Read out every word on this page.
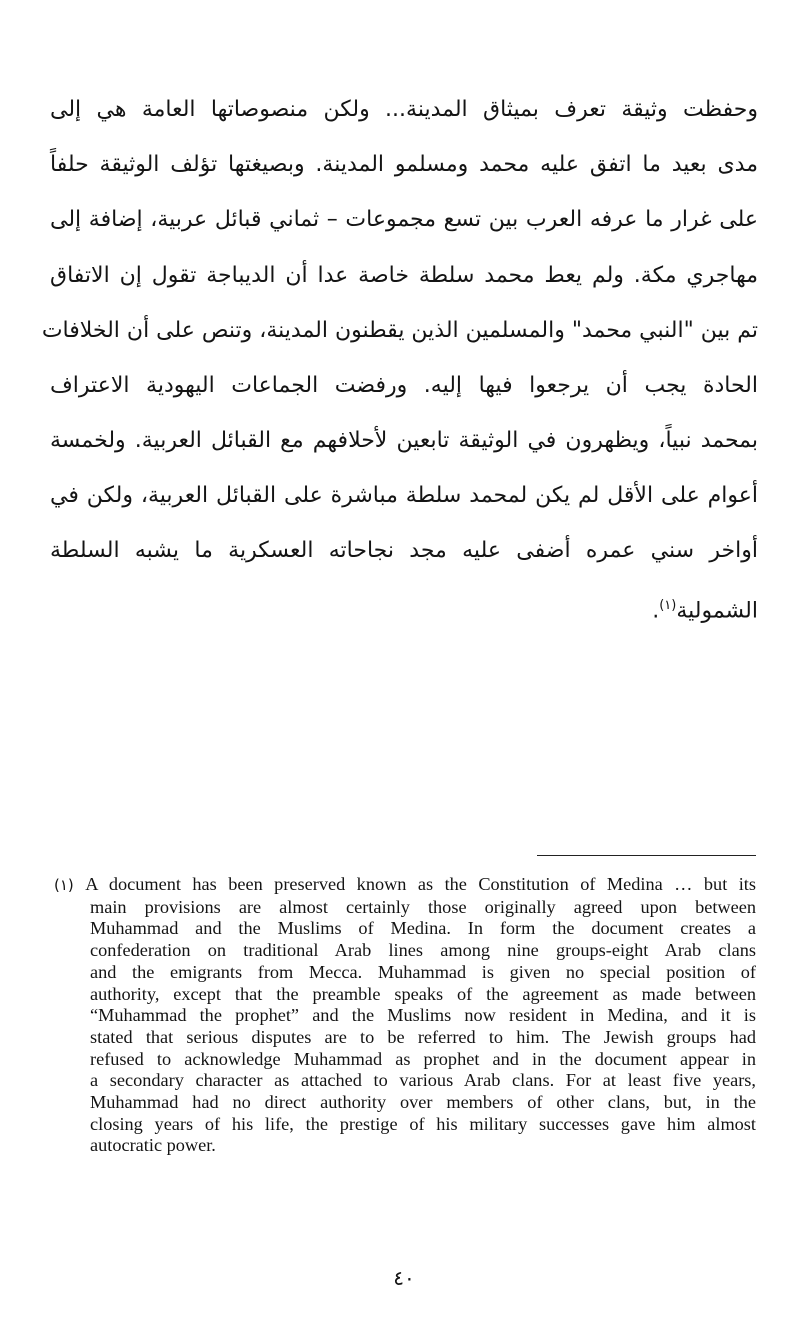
وحفظت وثيقة تعرف بميثاق المدينة... ولكن منصوصاتها العامة هي إلى
مدى بعيد ما اتفق عليه محمد ومسلمو المدينة. وبصيغتها تؤلف الوثيقة حلفاً
على غرار ما عرفه العرب بين تسع مجموعات – ثماني قبائل عربية، إضافة إلى
مهاجري مكة. ولم يعط محمد سلطة خاصة عدا أن الديباجة تقول إن الاتفاق
تم بين "النبي محمد" والمسلمين الذين يقطنون المدينة، وتنص على أن الخلافات
الحادة يجب أن يرجعوا فيها إليه. ورفضت الجماعات اليهودية الاعتراف
بمحمد نبياً، ويظهرون في الوثيقة تابعين لأحلافهم مع القبائل العربية. ولخمسة
أعوام على الأقل لم يكن لمحمد سلطة مباشرة على القبائل العربية، ولكن في
أواخر سني عمره أضفى عليه مجد نجاحاته العسكرية ما يشبه السلطة
الشمولية$^{(١)}$.
(١) A document has been preserved known as the Constitution of Medina … but its
main provisions are almost certainly those originally agreed upon between
Muhammad and the Muslims of Medina. In form the document creates a
confederation on traditional Arab lines among nine groups-eight Arab clans
and the emigrants from Mecca. Muhammad is given no special position of
authority, except that the preamble speaks of the agreement as made between
“Muhammad the prophet” and the Muslims now resident in Medina, and it is
stated that serious disputes are to be referred to him. The Jewish groups had
refused to acknowledge Muhammad as prophet and in the document appear in
a secondary character as attached to various Arab clans. For at least five years,
Muhammad had no direct authority over members of other clans, but, in the
closing years of his life, the prestige of his military successes gave him almost
autocratic power.
٤٠
